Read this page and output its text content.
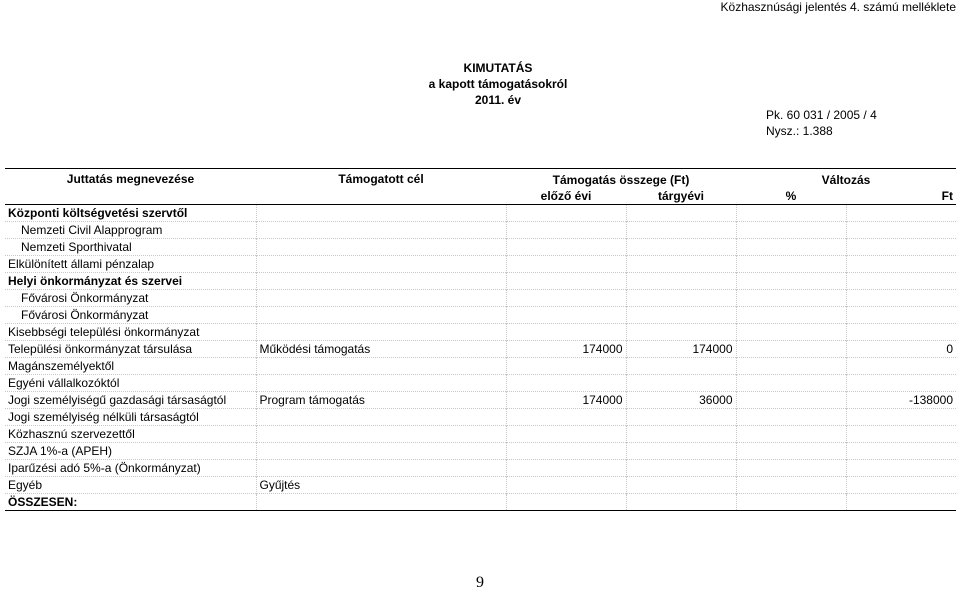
Közhasznúsági jelentés 4. számú melléklete
KIMUTATÁS
a kapott támogatásokról
2011. év
Pk. 60 031 / 2005 / 4
Nysz.: 1.388
Juttatás megnevezése	Támogatott cél	Támogatás összege (Ft)		Változás	
		előző évi	tárgyévi	%	Ft
Központi költségvetési szervtől					
Nemzeti Civil Alapprogram					
Nemzeti Sporthivatal					
Elkülönített állami pénzalap					
Helyi önkormányzat és szervei					
Fővárosi Önkormányzat					
Fővárosi Önkormányzat					
Kisebbségi települési önkormányzat					
Települési önkormányzat társulása	Működési támogatás	174000	174000		0
Magánszemélyektől					
Egyéni vállalkozóktól					
Jogi személyiségű gazdasági társaságtól	Program támogatás	174000	36000		-138000
Jogi személyiség nélküli társaságtól					
Közhasznú szervezettől					
SZJA 1%-a (APEH)					
Iparűzési adó 5%-a (Önkormányzat)					
Egyéb	Gyűjtés				
ÖSSZESEN:					
9
